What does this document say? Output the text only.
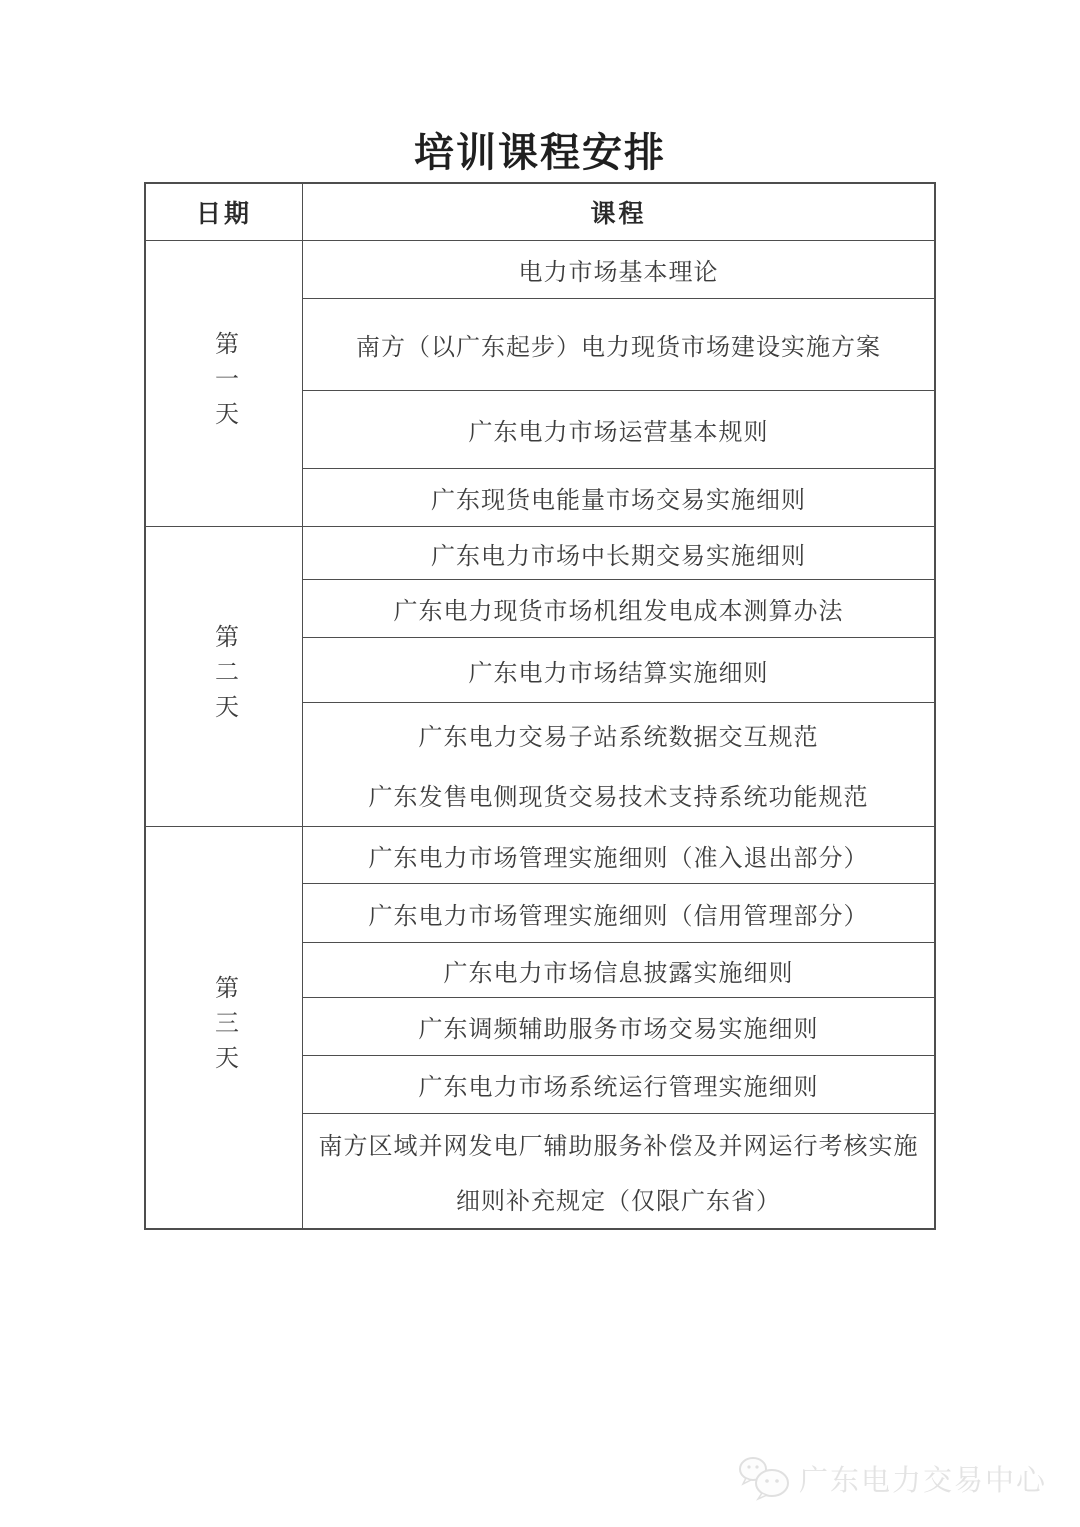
培训课程安排
日期	课程
第一天
电力市场基本理论
南方（以广东起步）电力现货市场建设实施方案
广东电力市场运营基本规则
广东现货电能量市场交易实施细则
第二天
广东电力市场中长期交易实施细则
广东电力现货市场机组发电成本测算办法
广东电力市场结算实施细则
广东电力交易子站系统数据交互规范
广东发售电侧现货交易技术支持系统功能规范
第三天
广东电力市场管理实施细则（准入退出部分）
广东电力市场管理实施细则（信用管理部分）
广东电力市场信息披露实施细则
广东调频辅助服务市场交易实施细则
广东电力市场系统运行管理实施细则
南方区域并网发电厂辅助服务补偿及并网运行考核实施
细则补充规定（仅限广东省）
广东电力交易中心
